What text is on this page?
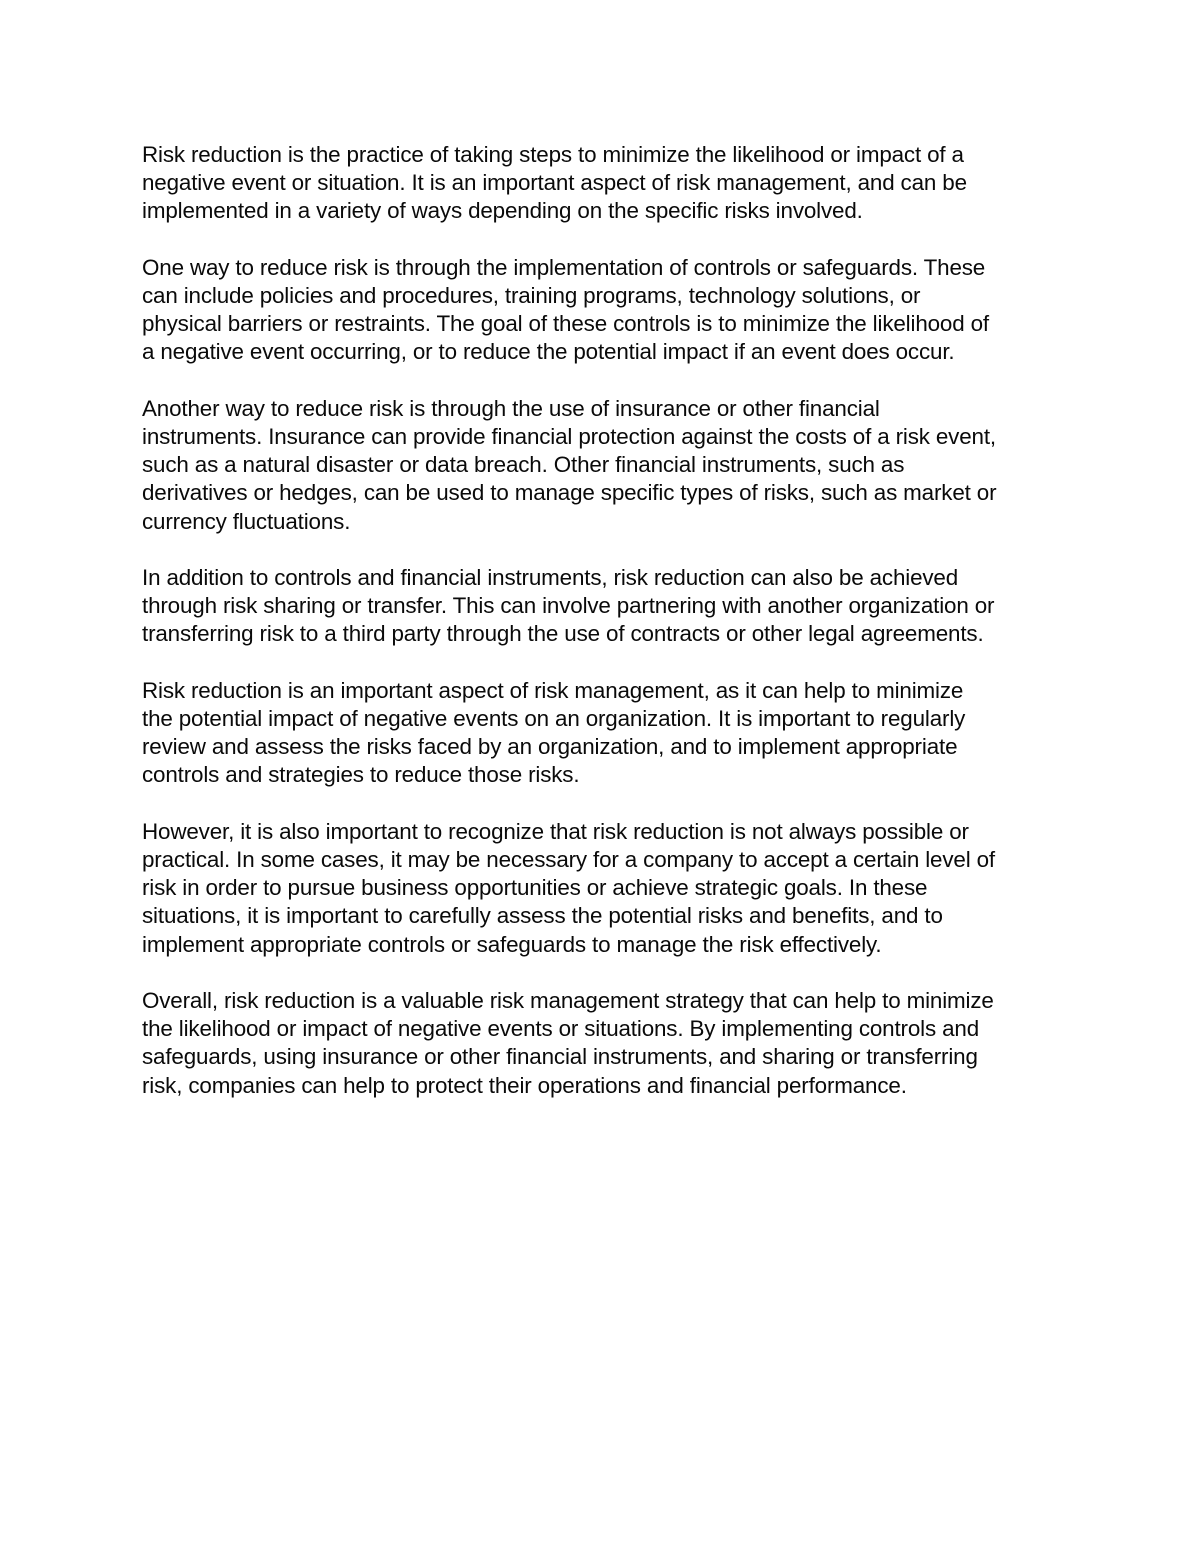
Risk reduction is the practice of taking steps to minimize the likelihood or impact of a
negative event or situation. It is an important aspect of risk management, and can be
implemented in a variety of ways depending on the specific risks involved.

One way to reduce risk is through the implementation of controls or safeguards. These
can include policies and procedures, training programs, technology solutions, or
physical barriers or restraints. The goal of these controls is to minimize the likelihood of
a negative event occurring, or to reduce the potential impact if an event does occur.

Another way to reduce risk is through the use of insurance or other financial
instruments. Insurance can provide financial protection against the costs of a risk event,
such as a natural disaster or data breach. Other financial instruments, such as
derivatives or hedges, can be used to manage specific types of risks, such as market or
currency fluctuations.

In addition to controls and financial instruments, risk reduction can also be achieved
through risk sharing or transfer. This can involve partnering with another organization or
transferring risk to a third party through the use of contracts or other legal agreements.

Risk reduction is an important aspect of risk management, as it can help to minimize
the potential impact of negative events on an organization. It is important to regularly
review and assess the risks faced by an organization, and to implement appropriate
controls and strategies to reduce those risks.

However, it is also important to recognize that risk reduction is not always possible or
practical. In some cases, it may be necessary for a company to accept a certain level of
risk in order to pursue business opportunities or achieve strategic goals. In these
situations, it is important to carefully assess the potential risks and benefits, and to
implement appropriate controls or safeguards to manage the risk effectively.

Overall, risk reduction is a valuable risk management strategy that can help to minimize
the likelihood or impact of negative events or situations. By implementing controls and
safeguards, using insurance or other financial instruments, and sharing or transferring
risk, companies can help to protect their operations and financial performance.
